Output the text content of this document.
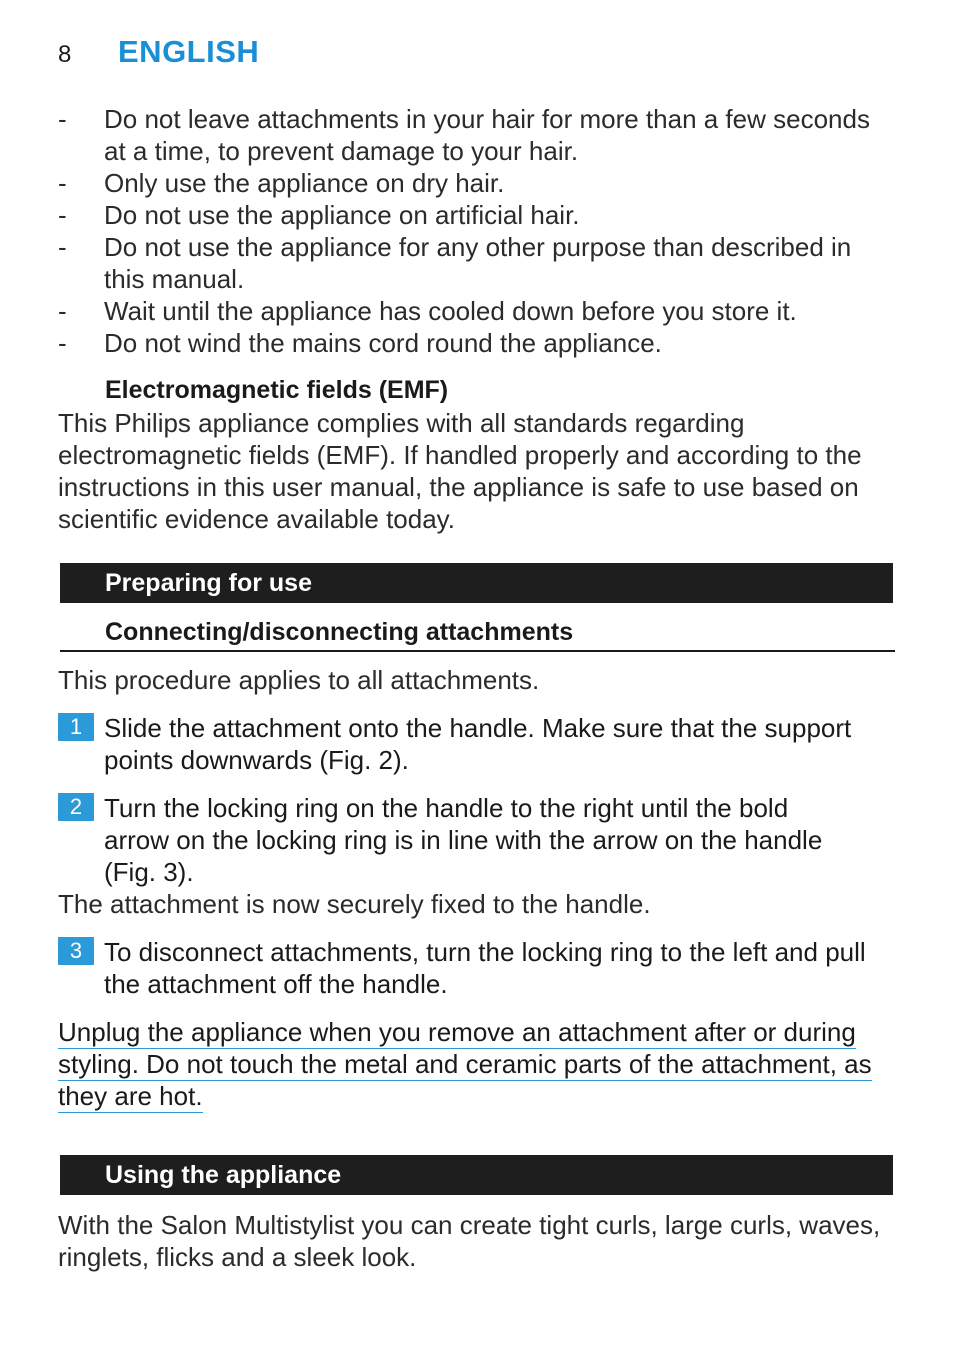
8	ENGLISH
- Do not leave attachments in your hair for more than a few seconds at a time, to prevent damage to your hair.
- Only use the appliance on dry hair.
- Do not use the appliance on artificial hair.
- Do not use the appliance for any other purpose than described in this manual.
- Wait until the appliance has cooled down before you store it.
- Do not wind the mains cord round the appliance.
Electromagnetic fields (EMF)
This Philips appliance complies with all standards regarding electromagnetic fields (EMF). If handled properly and according to the instructions in this user manual, the appliance is safe to use based on scientific evidence available today.
Preparing for use
Connecting/disconnecting attachments
This procedure applies to all attachments.
1 Slide the attachment onto the handle. Make sure that the support points downwards (Fig. 2).
2 Turn the locking ring on the handle to the right until the bold arrow on the locking ring is in line with the arrow on the handle (Fig. 3).
The attachment is now securely fixed to the handle.
3 To disconnect attachments, turn the locking ring to the left and pull the attachment off the handle.
Unplug the appliance when you remove an attachment after or during
styling. Do not touch the metal and ceramic parts of the attachment, as
they are hot.
Using the appliance
With the Salon Multistylist you can create tight curls, large curls, waves, ringlets, flicks and a sleek look.
